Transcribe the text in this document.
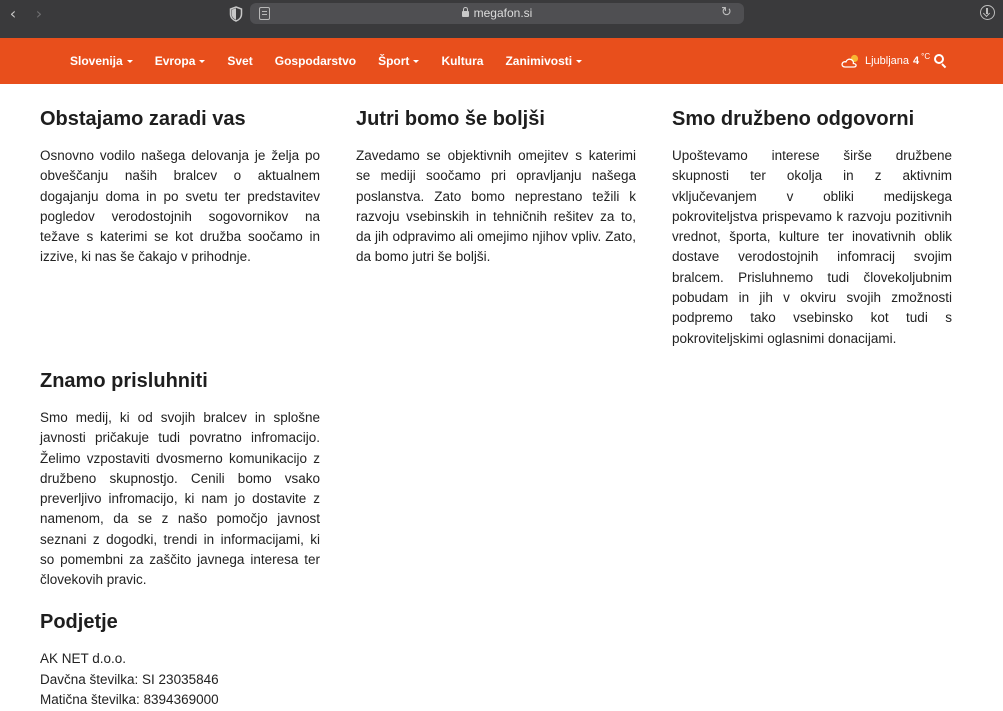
‹ ›	megafon.si	↻
Slovenija	Evropa	Svet Gospodarstvo Šport	Kultura Zanimivosti	Ljubljana 4 °C
Obstajamo zaradi vas

Osnovno vodilo našega delovanja je želja po obveščanju naših bralcev o aktualnem dogajanju doma in po svetu ter predstavitev pogledov verodostojnih sogovornikov na težave s katerimi se kot družba soočamo in izzive, ki nas še čakajo v prihodnje.

Jutri bomo še boljši

Zavedamo se objektivnih omejitev s katerimi se mediji soočamo pri opravljanju našega poslanstva. Zato bomo neprestano težili k razvoju vsebinskih in tehničnih rešitev za to, da jih odpravimo ali omejimo njihov vpliv. Zato, da bomo jutri še boljši.

Smo družbeno odgovorni

Upoštevamo interese širše družbene skupnosti ter okolja in z aktivnim vključevanjem v obliki medijskega pokroviteljstva prispevamo k razvoju pozitivnih vrednot, športa, kulture ter inovativnih oblik dostave verodostojnih infomracij svojim bralcem. Prisluhnemo tudi človekoljubnim pobudam in jih v okviru svojih zmožnosti podpremo tako vsebinsko kot tudi s pokroviteljskimi oglasnimi donacijami.

Znamo prisluhniti

Smo medij, ki od svojih bralcev in splošne javnosti pričakuje tudi povratno infromacijo. Želimo vzpostaviti dvosmerno komunikacijo z družbeno skupnostjo. Cenili bomo vsako preverljivo infromacijo, ki nam jo dostavite z namenom, da se z našo pomočjo javnost seznani z dogodki, trendi in informacijami, ki so pomembni za zaščito javnega interesa ter človekovih pravic.

Podjetje

AK NET d.o.o.
Davčna številka: SI 23035846
Matična številka: 8394369000
